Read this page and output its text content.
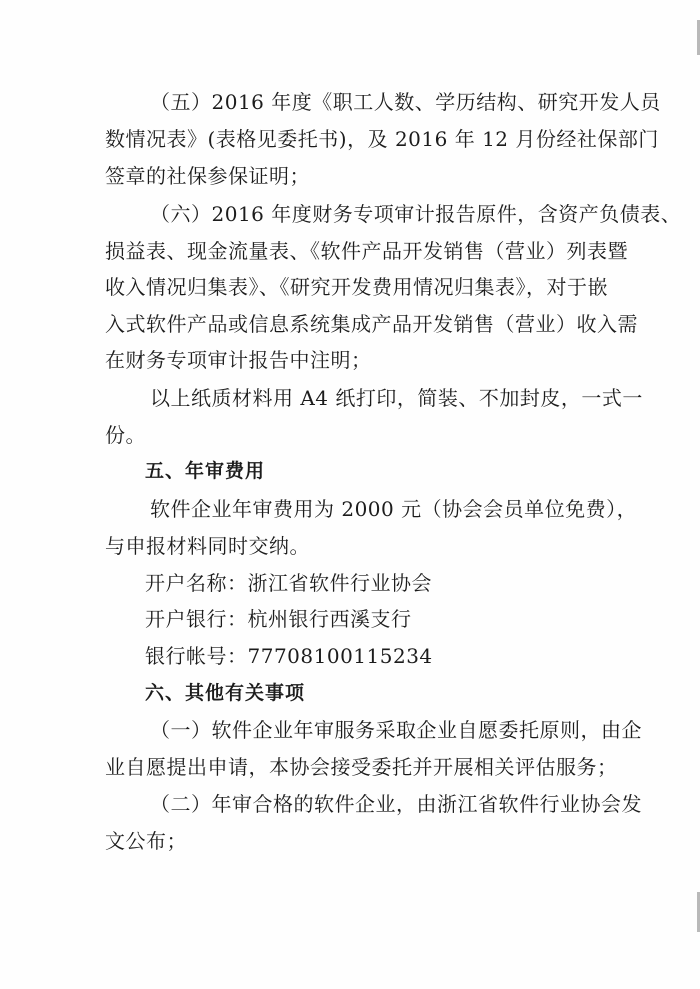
（五）2016 年度《职工人数、学历结构、研究开发人员
数情况表》(表格见委托书)，及 2016 年 12 月份经社保部门
签章的社保参保证明；
（六）2016 年度财务专项审计报告原件，含资产负债表、
损益表、现金流量表、《软件产品开发销售（营业）列表暨
收入情况归集表》、《研究开发费用情况归集表》，对于嵌
入式软件产品或信息系统集成产品开发销售（营业）收入需
在财务专项审计报告中注明；
以上纸质材料用 A4 纸打印，简装、不加封皮，一式一
份。
五、年审费用
软件企业年审费用为 2000 元（协会会员单位免费），
与申报材料同时交纳。
开户名称：浙江省软件行业协会
开户银行：杭州银行西溪支行
银行帐号：77708100115234
六、其他有关事项
（一）软件企业年审服务采取企业自愿委托原则，由企
业自愿提出申请，本协会接受委托并开展相关评估服务；
（二）年审合格的软件企业，由浙江省软件行业协会发
文公布；
